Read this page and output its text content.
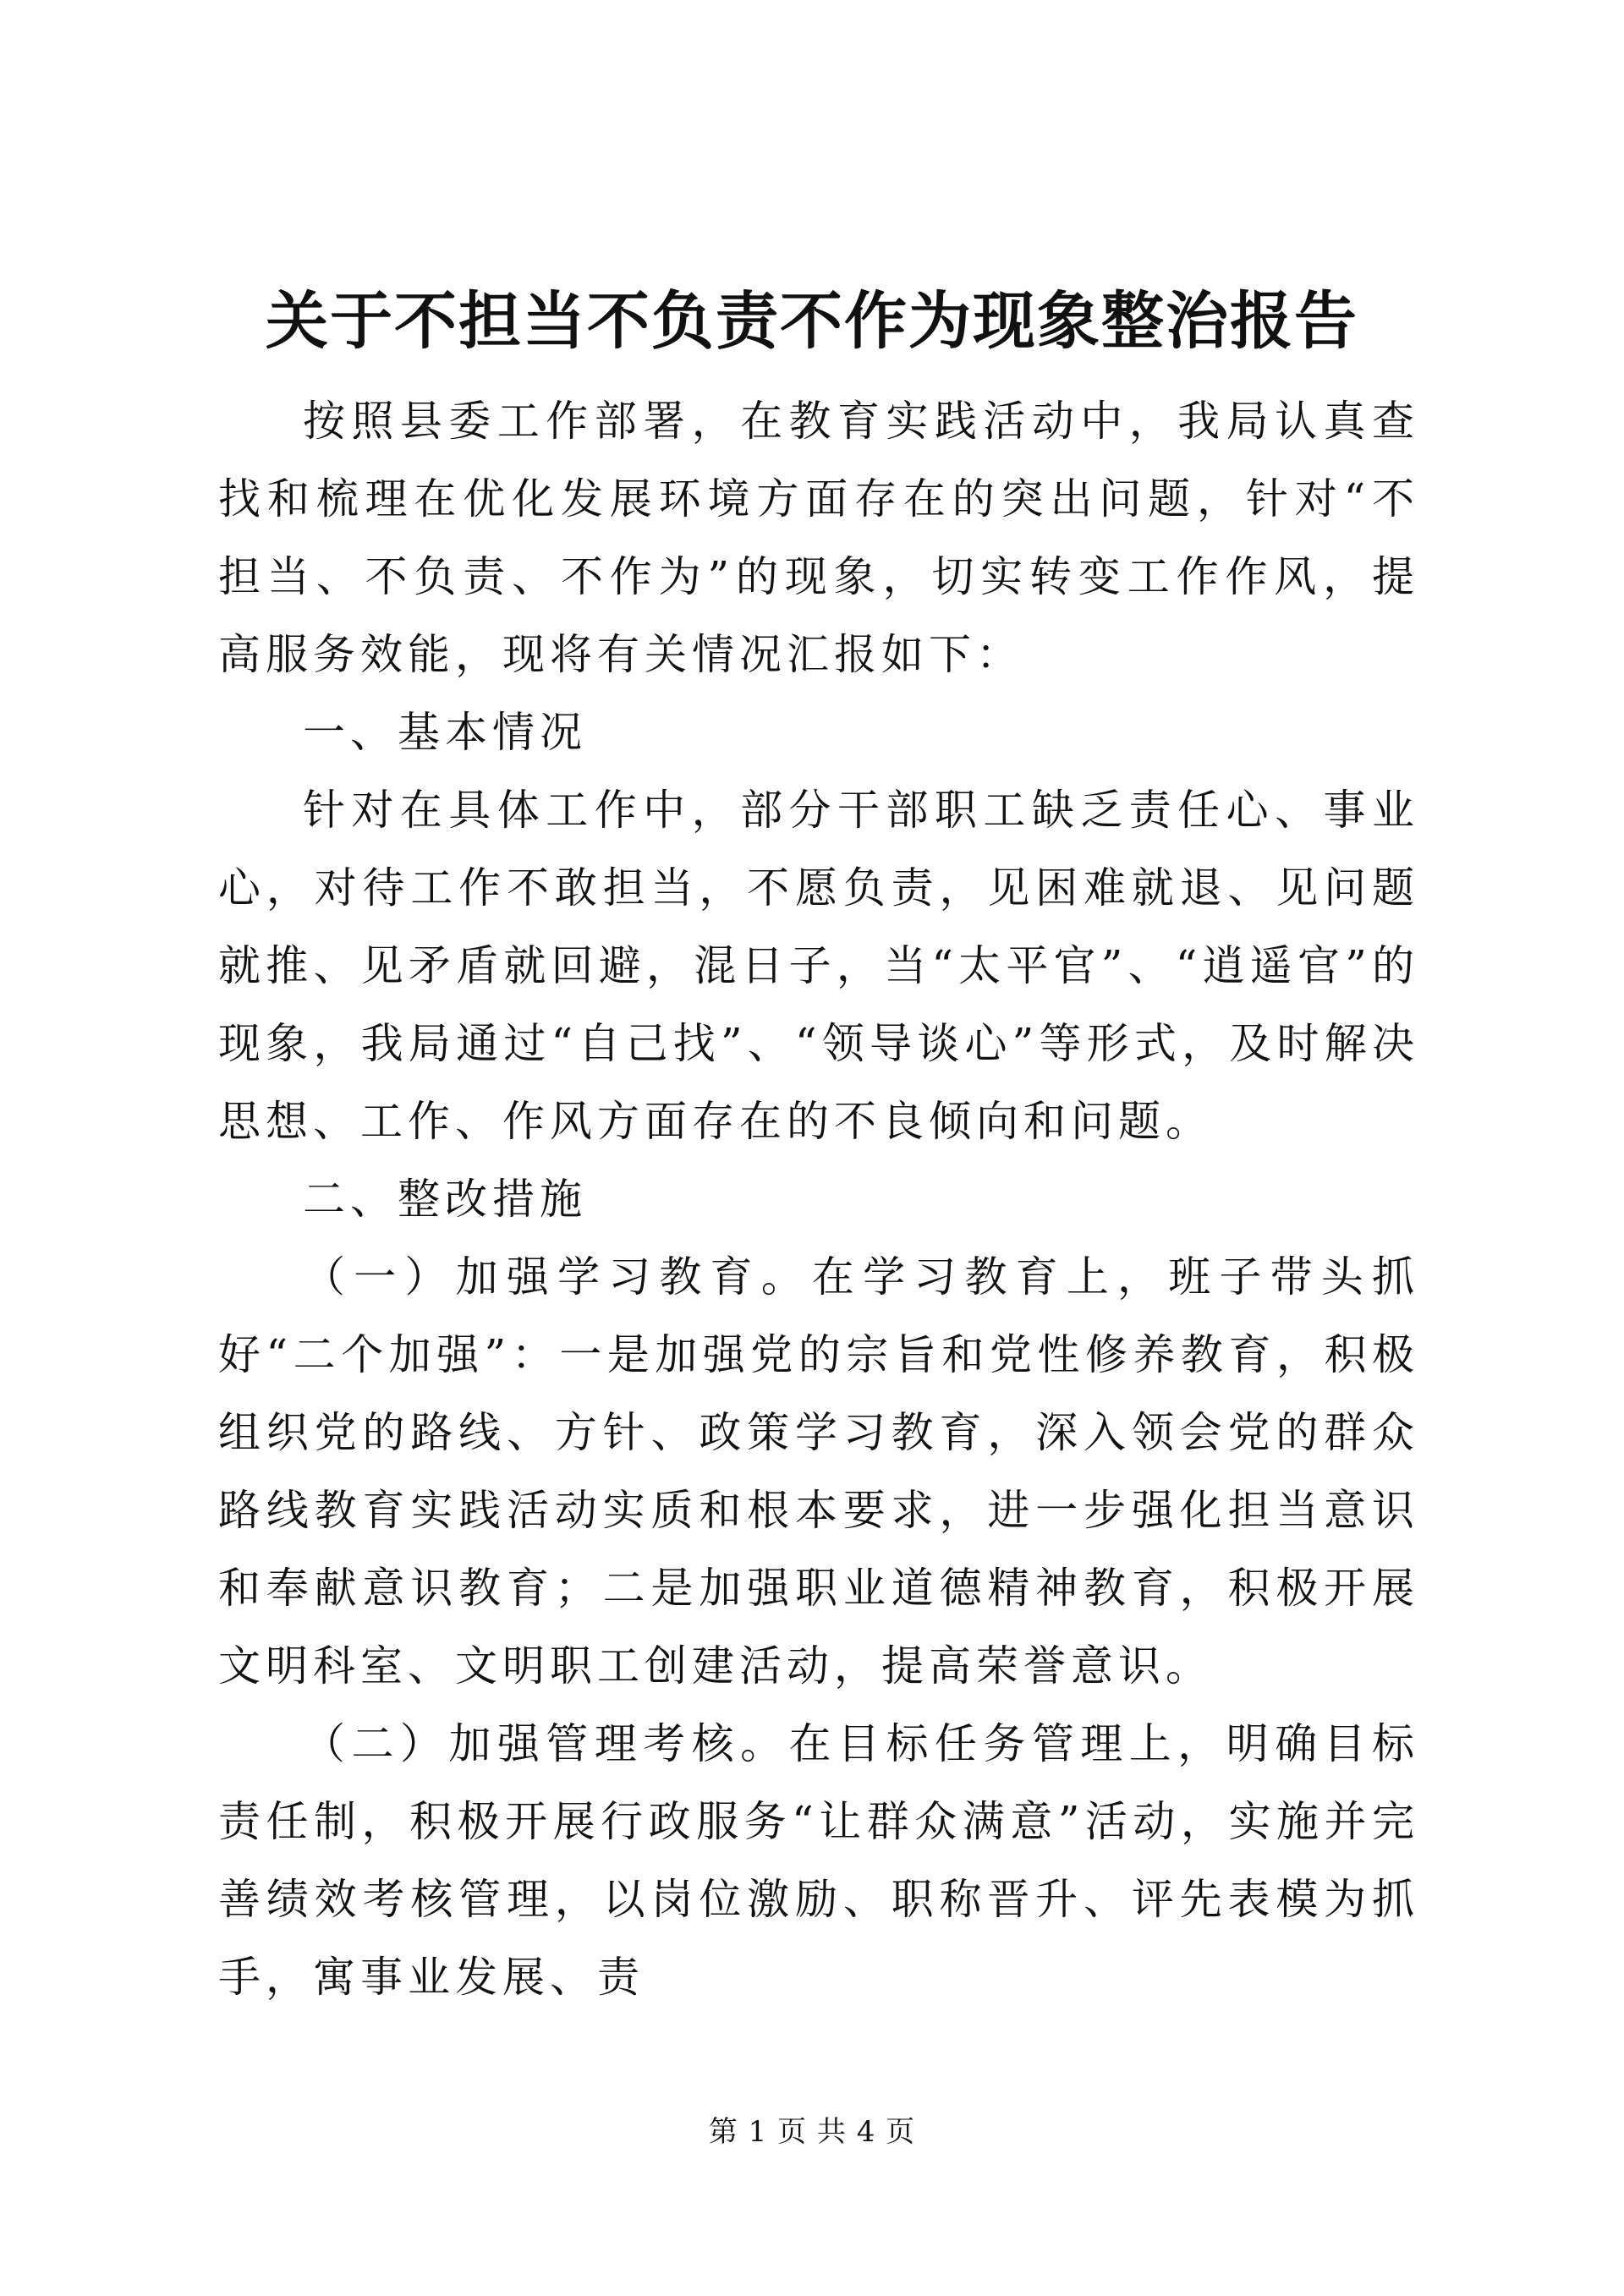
关于不担当不负责不作为现象整治报告

按照县委工作部署，在教育实践活动中，我局认真查找和梳理在优化发展环境方面存在的突出问题，针对“不担当、不负责、不作为”的现象，切实转变工作作风，提高服务效能，现将有关情况汇报如下：

一、基本情况

针对在具体工作中，部分干部职工缺乏责任心、事业心，对待工作不敢担当，不愿负责，见困难就退、见问题就推、见矛盾就回避，混日子，当“太平官”、“逍遥官”的现象，我局通过“自己找”、“领导谈心”等形式，及时解决思想、工作、作风方面存在的不良倾向和问题。

二、整改措施

（一）加强学习教育。在学习教育上，班子带头抓好“二个加强”：一是加强党的宗旨和党性修养教育，积极组织党的路线、方针、政策学习教育，深入领会党的群众路线教育实践活动实质和根本要求，进一步强化担当意识和奉献意识教育；二是加强职业道德精神教育，积极开展文明科室、文明职工创建活动，提高荣誉意识。

（二）加强管理考核。在目标任务管理上，明确目标责任制，积极开展行政服务“让群众满意”活动，实施并完善绩效考核管理，以岗位激励、职称晋升、评先表模为抓手，寓事业发展、责

第 1 页 共 4 页
